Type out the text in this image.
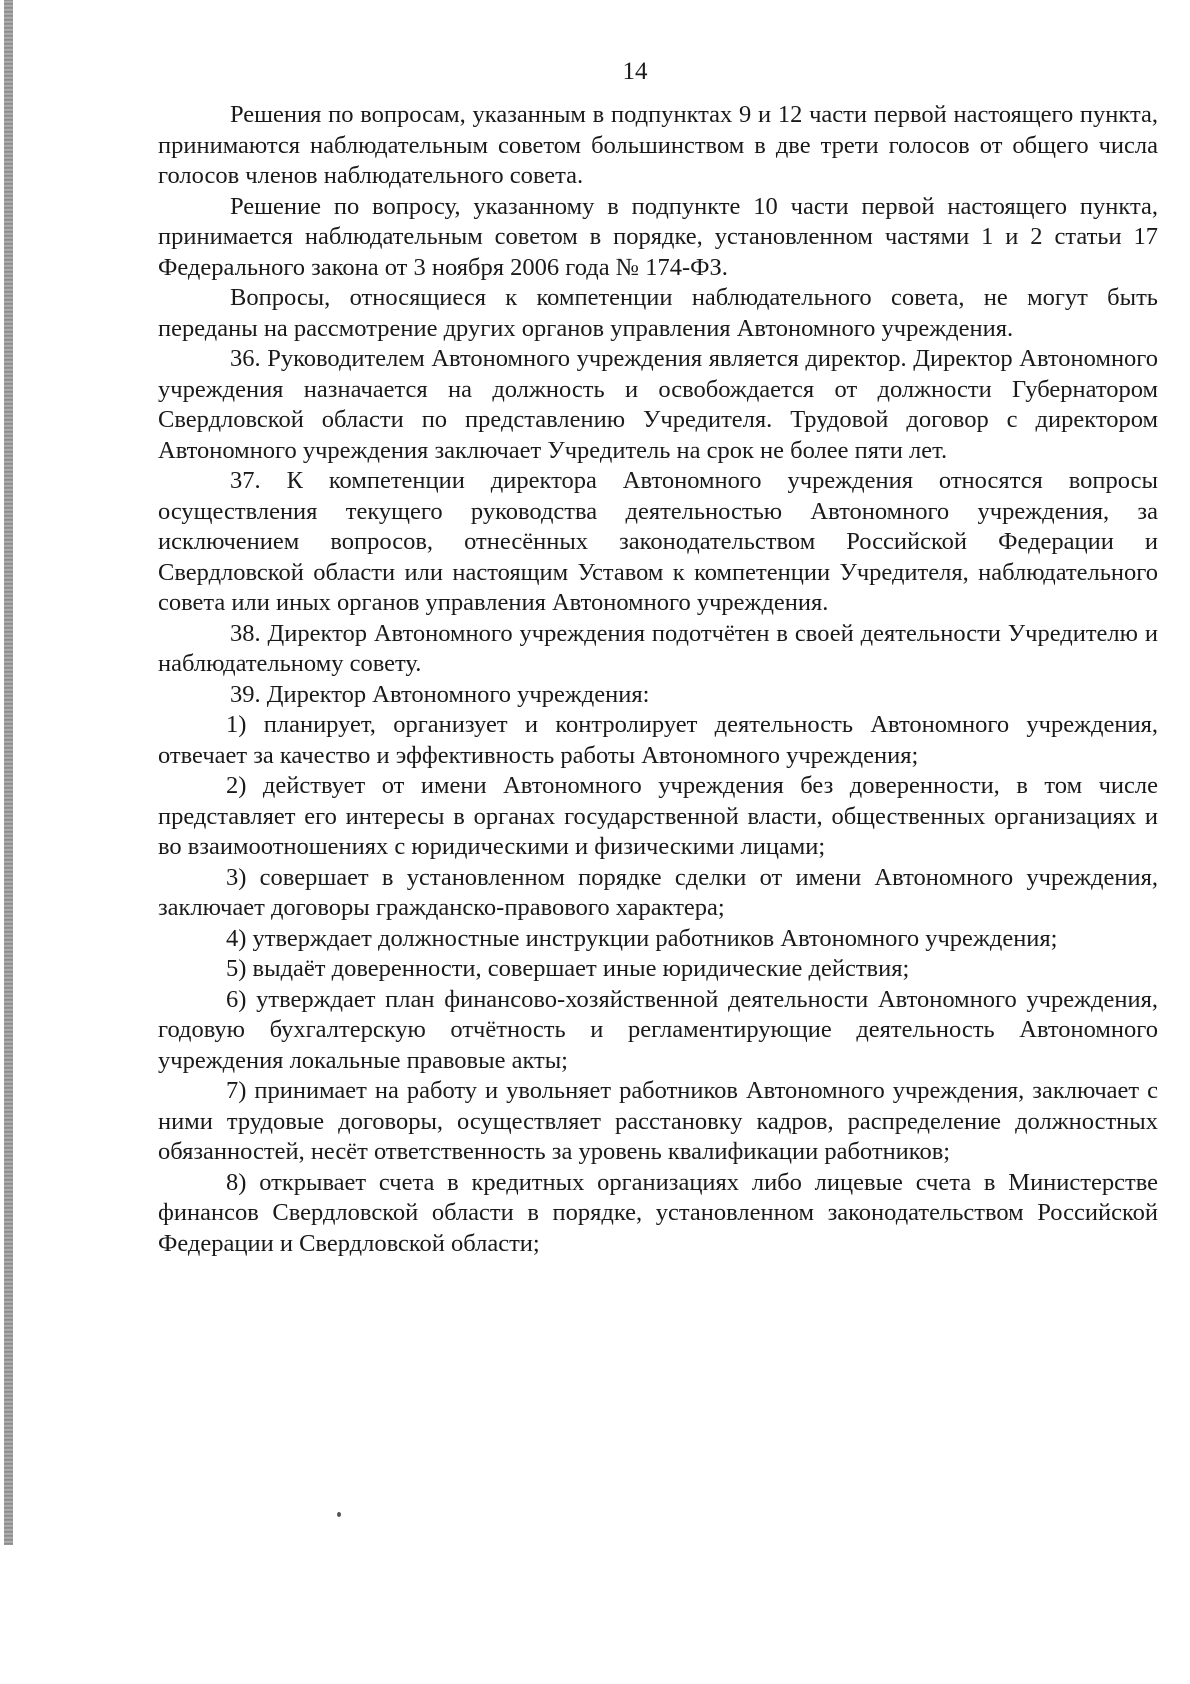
14

Решения по вопросам, указанным в подпунктах 9 и 12 части первой настоящего пункта, принимаются наблюдательным советом большинством в две трети голосов от общего числа голосов членов наблюдательного совета.

Решение по вопросу, указанному в подпункте 10 части первой настоящего пункта, принимается наблюдательным советом в порядке, установленном частями 1 и 2 статьи 17 Федерального закона от 3 ноября 2006 года № 174-ФЗ.

Вопросы, относящиеся к компетенции наблюдательного совета, не могут быть переданы на рассмотрение других органов управления Автономного учреждения.

36. Руководителем Автономного учреждения является директор. Директор Автономного учреждения назначается на должность и освобождается от должности Губернатором Свердловской области по представлению Учредителя. Трудовой договор с директором Автономного учреждения заключает Учредитель на срок не более пяти лет.

37. К компетенции директора Автономного учреждения относятся вопросы осуществления текущего руководства деятельностью Автономного учреждения, за исключением вопросов, отнесённых законодательством Российской Федерации и Свердловской области или настоящим Уставом к компетенции Учредителя, наблюдательного совета или иных органов управления Автономного учреждения.

38. Директор Автономного учреждения подотчётен в своей деятельности Учредителю и наблюдательному совету.

39. Директор Автономного учреждения:

1) планирует, организует и контролирует деятельность Автономного учреждения, отвечает за качество и эффективность работы Автономного учреждения;

2) действует от имени Автономного учреждения без доверенности, в том числе представляет его интересы в органах государственной власти, общественных организациях и во взаимоотношениях с юридическими и физическими лицами;

3) совершает в установленном порядке сделки от имени Автономного учреждения, заключает договоры гражданско-правового характера;

4) утверждает должностные инструкции работников Автономного учреждения;

5) выдаёт доверенности, совершает иные юридические действия;

6) утверждает план финансово-хозяйственной деятельности Автономного учреждения, годовую бухгалтерскую отчётность и регламентирующие деятельность Автономного учреждения локальные правовые акты;

7) принимает на работу и увольняет работников Автономного учреждения, заключает с ними трудовые договоры, осуществляет расстановку кадров, распределение должностных обязанностей, несёт ответственность за уровень квалификации работников;

8) открывает счета в кредитных организациях либо лицевые счета в Министерстве финансов Свердловской области в порядке, установленном законодательством Российской Федерации и Свердловской области;
